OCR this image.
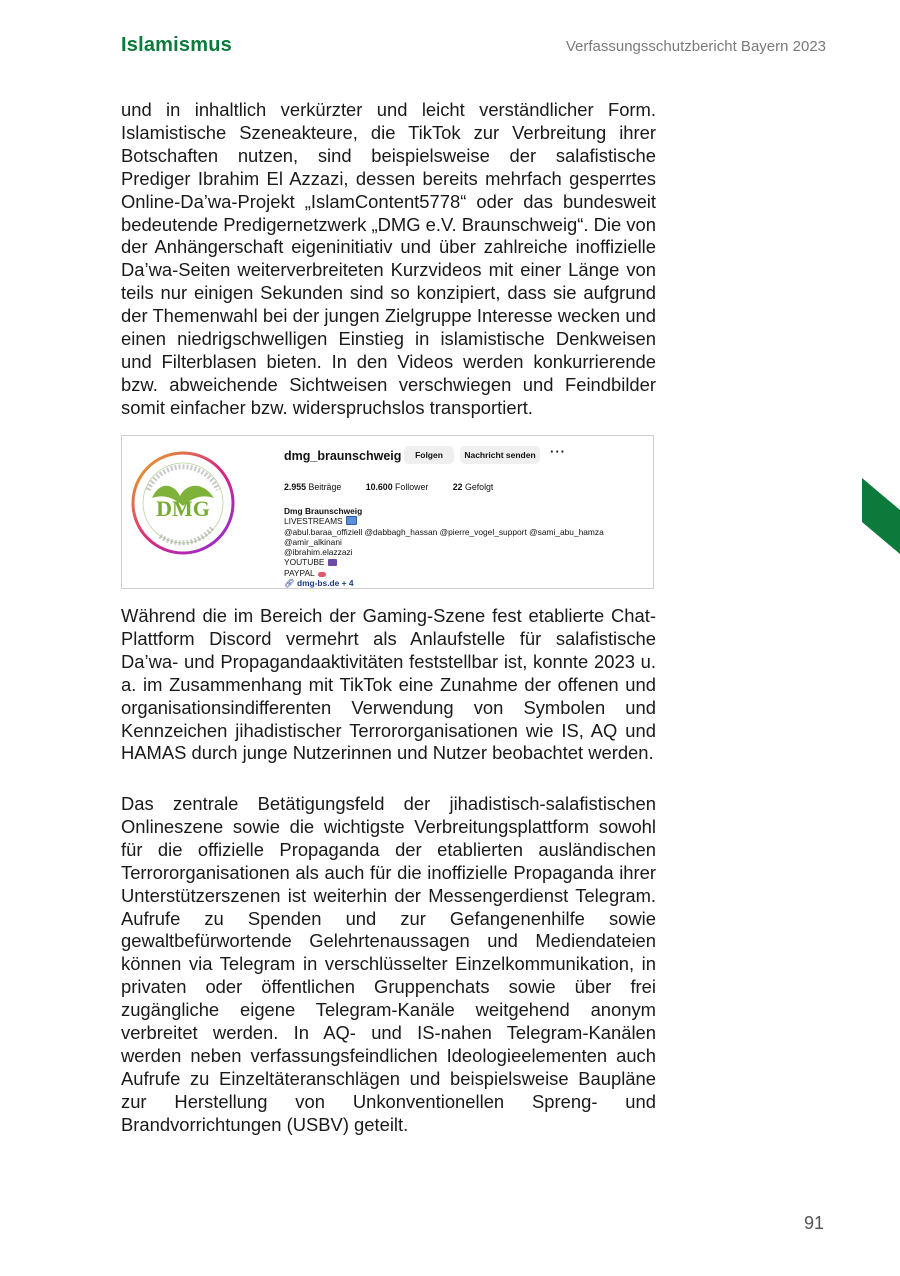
Islamismus	Verfassungsschutzbericht Bayern 2023

und in inhaltlich verkürzter und leicht verständlicher Form. Islamistische Szeneakteure, die TikTok zur Verbreitung ihrer Botschaften nutzen, sind beispielsweise der salafistische Prediger Ibrahim El Azzazi, dessen bereits mehrfach gesperrtes Online-Da’wa-Projekt „IslamContent5778“ oder das bundesweit bedeutende Predigernetzwerk „DMG e.V. Braunschweig“. Die von der Anhängerschaft eigeninitiativ und über zahlreiche inoffizielle Da’wa-Seiten weiterverbreiteten Kurzvideos mit einer Länge von teils nur einigen Sekunden sind so konzipiert, dass sie aufgrund der Themenwahl bei der jungen Zielgruppe Interesse wecken und einen niedrigschwelligen Einstieg in islamistische Denkweisen und Filterblasen bieten. In den Videos werden konkurrierende bzw. abweichende Sichtweisen verschwiegen und Feindbilder somit einfacher bzw. widerspruchslos transportiert.

DMG
dmg_braunschweig	Folgen	Nachricht senden	···
2.955 Beiträge	10.600 Follower	22 Gefolgt
Dmg Braunschweig
LIVESTREAMS
@abul.baraa_offiziell @dabbagh_hassan @pierre_vogel_support @sami_abu_hamza @amir_alkinani
@ibrahim.elazzazi
YOUTUBE
PAYPAL
🔗︎ dmg-bs.de + 4

Während die im Bereich der Gaming-Szene fest etablierte Chat-Plattform Discord vermehrt als Anlaufstelle für salafistische Da’wa- und Propagandaaktivitäten feststellbar ist, konnte 2023 u. a. im Zusammenhang mit TikTok eine Zunahme der offenen und organisationsindifferenten Verwendung von Symbolen und Kennzeichen jihadistischer Terrororganisationen wie IS, AQ und HAMAS durch junge Nutzerinnen und Nutzer beobachtet werden.

Das zentrale Betätigungsfeld der jihadistisch-salafistischen Onlineszene sowie die wichtigste Verbreitungsplattform sowohl für die offizielle Propaganda der etablierten ausländischen Terrororganisationen als auch für die inoffizielle Propaganda ihrer Unterstützerszenen ist weiterhin der Messengerdienst Telegram. Aufrufe zu Spenden und zur Gefangenenhilfe sowie gewaltbefürwortende Gelehrtenaussagen und Mediendateien können via Telegram in verschlüsselter Einzelkommunikation, in privaten oder öffentlichen Gruppenchats sowie über frei zugängliche eigene Telegram-Kanäle weitgehend anonym verbreitet werden. In AQ- und IS-nahen Telegram-Kanälen werden neben verfassungsfeindlichen Ideologieelementen auch Aufrufe zu Einzeltäteranschlägen und beispielsweise Baupläne zur Herstellung von Unkonventionellen Spreng- und Brandvorrichtungen (USBV) geteilt.

91
